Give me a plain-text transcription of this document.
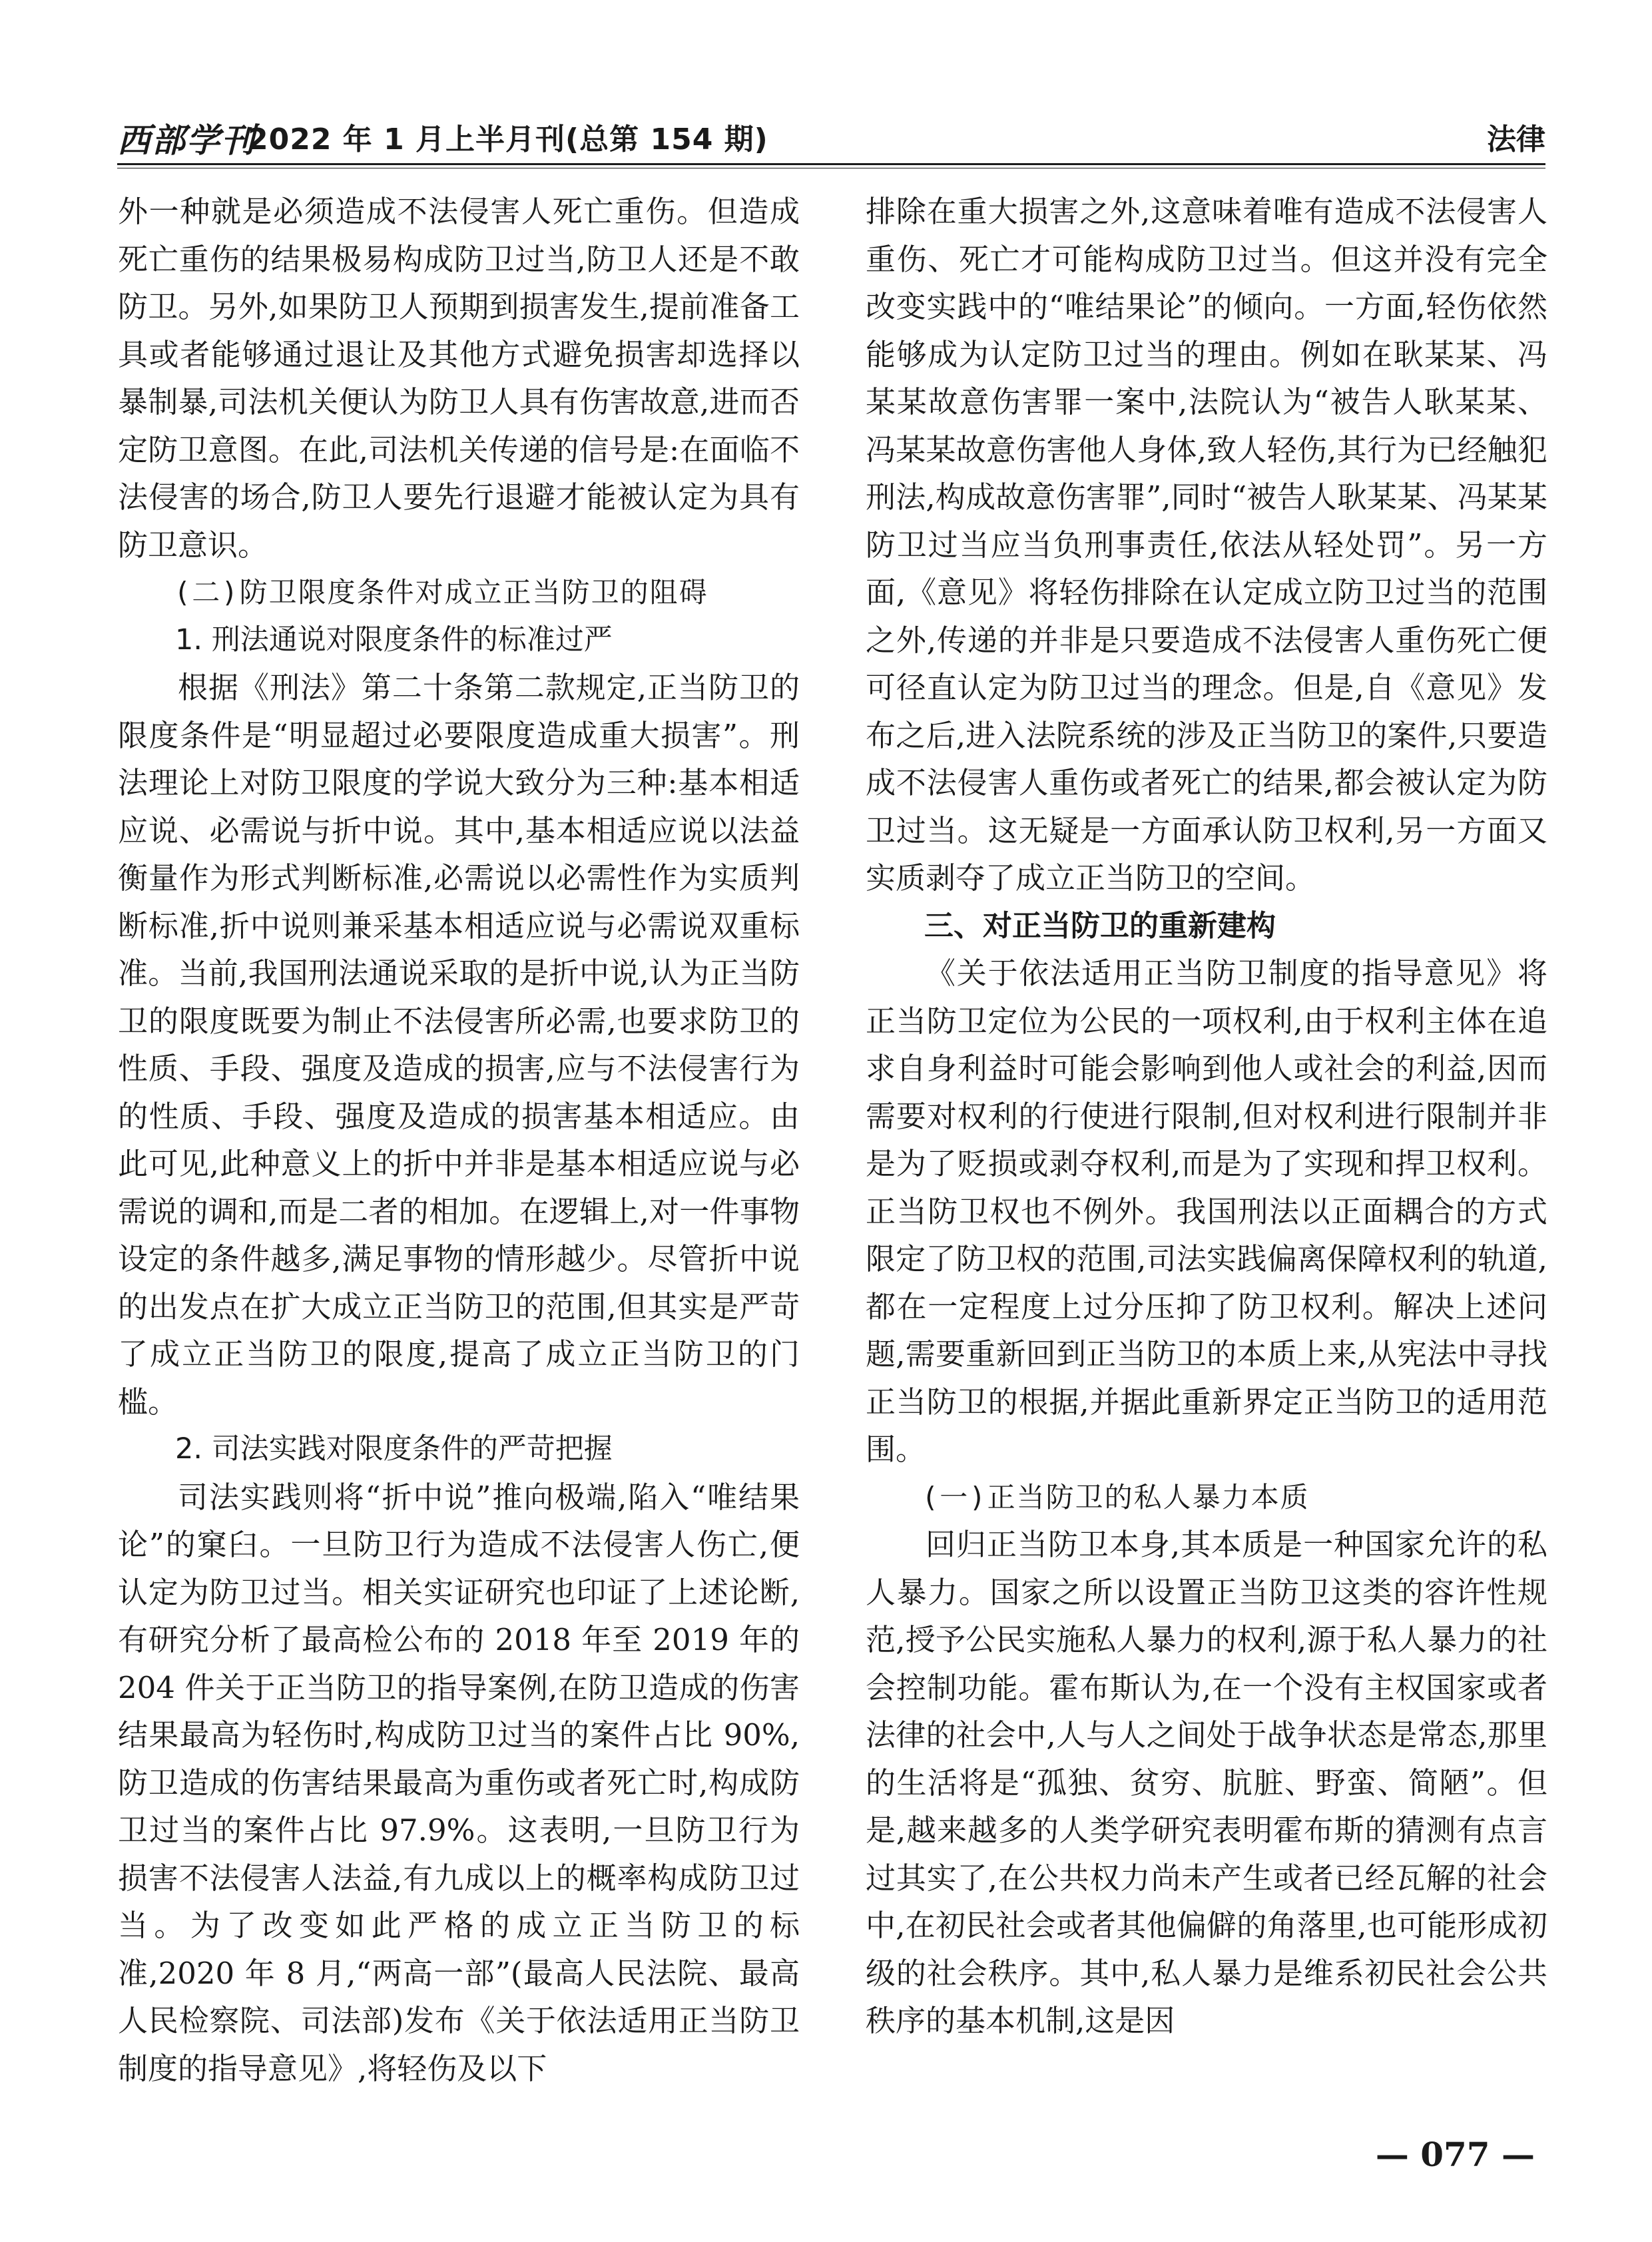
西部学刊
2022 年 1 月上半月刊(总第 154 期)	法律

外一种就是必须造成不法侵害人死亡重伤。但造成死亡重伤的结果极易构成防卫过当,防卫人还是不敢防卫。另外,如果防卫人预期到损害发生,提前准备工具或者能够通过退让及其他方式避免损害却选择以暴制暴,司法机关便认为防卫人具有伤害故意,进而否定防卫意图。在此,司法机关传递的信号是:在面临不法侵害的场合,防卫人要先行退避才能被认定为具有防卫意识。

(二)防卫限度条件对成立正当防卫的阻碍

1. 刑法通说对限度条件的标准过严

根据《刑法》第二十条第二款规定,正当防卫的限度条件是“明显超过必要限度造成重大损害”。刑法理论上对防卫限度的学说大致分为三种:基本相适应说、必需说与折中说。其中,基本相适应说以法益衡量作为形式判断标准,必需说以必需性作为实质判断标准,折中说则兼采基本相适应说与必需说双重标准。当前,我国刑法通说采取的是折中说,认为正当防卫的限度既要为制止不法侵害所必需,也要求防卫的性质、手段、强度及造成的损害,应与不法侵害行为的性质、手段、强度及造成的损害基本相适应。由此可见,此种意义上的折中并非是基本相适应说与必需说的调和,而是二者的相加。在逻辑上,对一件事物设定的条件越多,满足事物的情形越少。尽管折中说的出发点在扩大成立正当防卫的范围,但其实是严苛了成立正当防卫的限度,提高了成立正当防卫的门槛。

2. 司法实践对限度条件的严苛把握

司法实践则将“折中说”推向极端,陷入“唯结果论”的窠臼。一旦防卫行为造成不法侵害人伤亡,便认定为防卫过当。相关实证研究也印证了上述论断,有研究分析了最高检公布的 2018 年至 2019 年的 204 件关于正当防卫的指导案例,在防卫造成的伤害结果最高为轻伤时,构成防卫过当的案件占比 90%,防卫造成的伤害结果最高为重伤或者死亡时,构成防卫过当的案件占比 97.9%。这表明,一旦防卫行为损害不法侵害人法益,有九成以上的概率构成防卫过当。为了改变如此严格的成立正当防卫的标准,2020 年 8 月,“两高一部”(最高人民法院、最高人民检察院、司法部)发布《关于依法适用正当防卫制度的指导意见》,将轻伤及以下

排除在重大损害之外,这意味着唯有造成不法侵害人重伤、死亡才可能构成防卫过当。但这并没有完全改变实践中的“唯结果论”的倾向。一方面,轻伤依然能够成为认定防卫过当的理由。例如在耿某某、冯某某故意伤害罪一案中,法院认为“被告人耿某某、冯某某故意伤害他人身体,致人轻伤,其行为已经触犯刑法,构成故意伤害罪”,同时“被告人耿某某、冯某某防卫过当应当负刑事责任,依法从轻处罚”。另一方面,《意见》将轻伤排除在认定成立防卫过当的范围之外,传递的并非是只要造成不法侵害人重伤死亡便可径直认定为防卫过当的理念。但是,自《意见》发布之后,进入法院系统的涉及正当防卫的案件,只要造成不法侵害人重伤或者死亡的结果,都会被认定为防卫过当。这无疑是一方面承认防卫权利,另一方面又实质剥夺了成立正当防卫的空间。

三、对正当防卫的重新建构

《关于依法适用正当防卫制度的指导意见》将正当防卫定位为公民的一项权利,由于权利主体在追求自身利益时可能会影响到他人或社会的利益,因而需要对权利的行使进行限制,但对权利进行限制并非是为了贬损或剥夺权利,而是为了实现和捍卫权利。正当防卫权也不例外。我国刑法以正面耦合的方式限定了防卫权的范围,司法实践偏离保障权利的轨道,都在一定程度上过分压抑了防卫权利。解决上述问题,需要重新回到正当防卫的本质上来,从宪法中寻找正当防卫的根据,并据此重新界定正当防卫的适用范围。

(一)正当防卫的私人暴力本质

回归正当防卫本身,其本质是一种国家允许的私人暴力。国家之所以设置正当防卫这类的容许性规范,授予公民实施私人暴力的权利,源于私人暴力的社会控制功能。霍布斯认为,在一个没有主权国家或者法律的社会中,人与人之间处于战争状态是常态,那里的生活将是“孤独、贫穷、肮脏、野蛮、简陋”。但是,越来越多的人类学研究表明霍布斯的猜测有点言过其实了,在公共权力尚未产生或者已经瓦解的社会中,在初民社会或者其他偏僻的角落里,也可能形成初级的社会秩序。其中,私人暴力是维系初民社会公共秩序的基本机制,这是因

— 077 —
